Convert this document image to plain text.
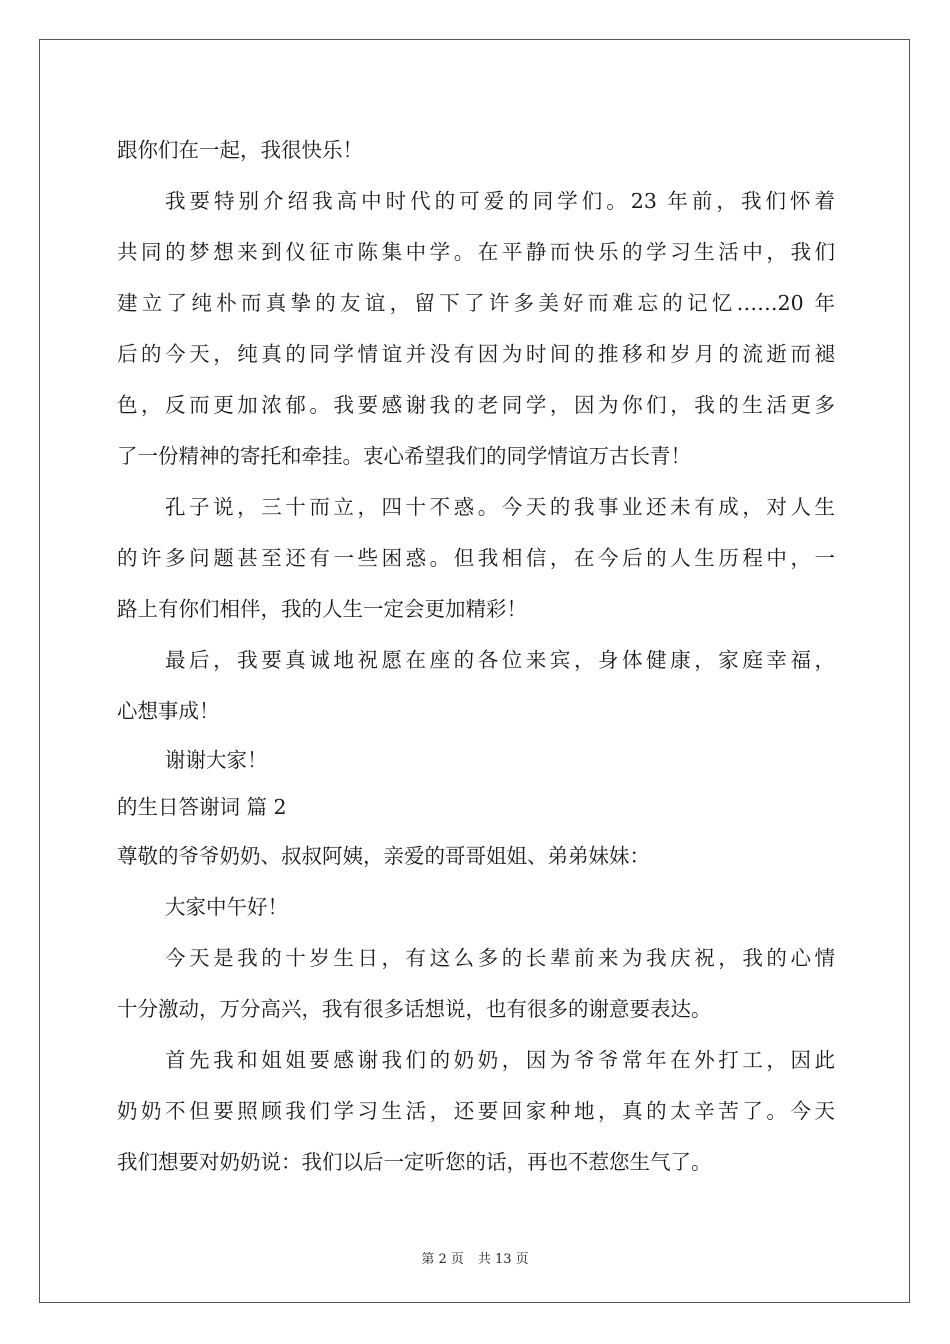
跟你们在一起，我很快乐！
我要特别介绍我高中时代的可爱的同学们。23 年前，我们怀着
共同的梦想来到仪征市陈集中学。在平静而快乐的学习生活中，我们
建立了纯朴而真挚的友谊，留下了许多美好而难忘的记忆……20 年
后的今天，纯真的同学情谊并没有因为时间的推移和岁月的流逝而褪
色，反而更加浓郁。我要感谢我的老同学，因为你们，我的生活更多
了一份精神的寄托和牵挂。衷心希望我们的同学情谊万古长青！
孔子说，三十而立，四十不惑。今天的我事业还未有成，对人生
的许多问题甚至还有一些困惑。但我相信，在今后的人生历程中，一
路上有你们相伴，我的人生一定会更加精彩！
最后，我要真诚地祝愿在座的各位来宾，身体健康，家庭幸福，
心想事成！
谢谢大家！
的生日答谢词 篇 2
尊敬的爷爷奶奶、叔叔阿姨，亲爱的哥哥姐姐、弟弟妹妹：
大家中午好！
今天是我的十岁生日，有这么多的长辈前来为我庆祝，我的心情
十分激动，万分高兴，我有很多话想说，也有很多的谢意要表达。
首先我和姐姐要感谢我们的奶奶，因为爷爷常年在外打工，因此
奶奶不但要照顾我们学习生活，还要回家种地，真的太辛苦了。今天
我们想要对奶奶说：我们以后一定听您的话，再也不惹您生气了。
第 2 页 共 13 页
